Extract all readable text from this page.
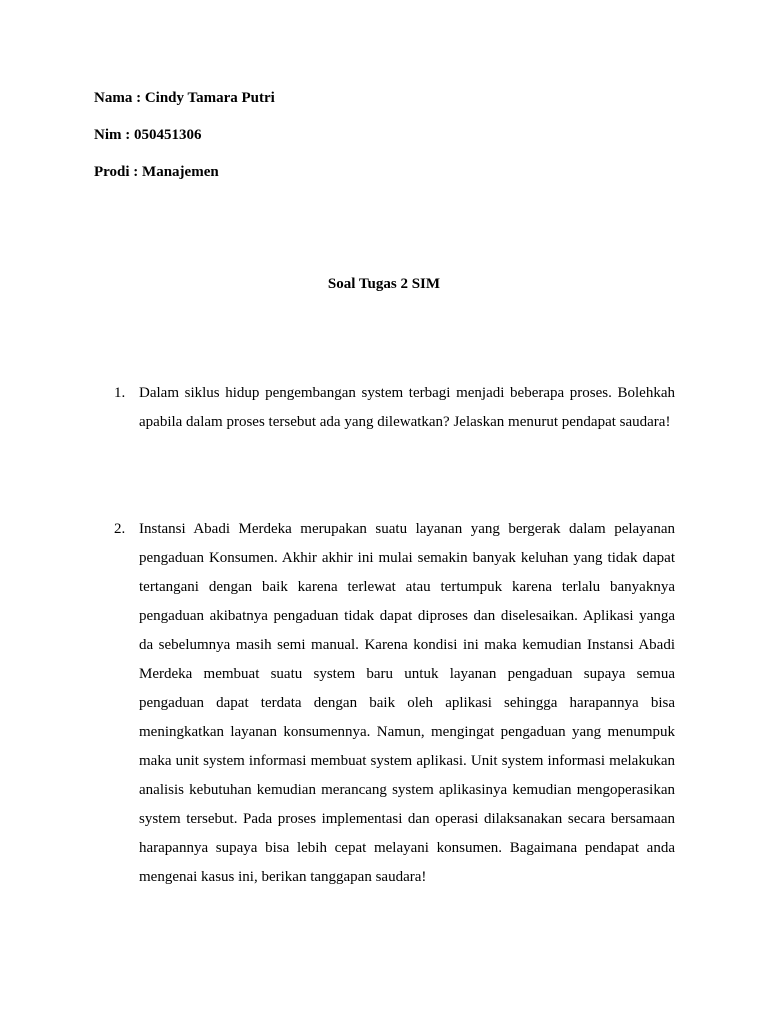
Nama : Cindy Tamara Putri
Nim : 050451306
Prodi : Manajemen
Soal Tugas 2 SIM
1. Dalam siklus hidup pengembangan system terbagi menjadi beberapa proses. Bolehkah apabila dalam proses tersebut ada yang dilewatkan? Jelaskan menurut pendapat saudara!
2. Instansi Abadi Merdeka merupakan suatu layanan yang bergerak dalam pelayanan pengaduan Konsumen. Akhir akhir ini mulai semakin banyak keluhan yang tidak dapat tertangani dengan baik karena terlewat atau tertumpuk karena terlalu banyaknya pengaduan akibatnya pengaduan tidak dapat diproses dan diselesaikan. Aplikasi yanga da sebelumnya masih semi manual. Karena kondisi ini maka kemudian Instansi Abadi Merdeka membuat suatu system baru untuk layanan pengaduan supaya semua pengaduan dapat terdata dengan baik oleh aplikasi sehingga harapannya bisa meningkatkan layanan konsumennya. Namun, mengingat pengaduan yang menumpuk maka unit system informasi membuat system aplikasi. Unit system informasi melakukan analisis kebutuhan kemudian merancang system aplikasinya kemudian mengoperasikan system tersebut. Pada proses implementasi dan operasi dilaksanakan secara bersamaan harapannya supaya bisa lebih cepat melayani konsumen. Bagaimana pendapat anda mengenai kasus ini, berikan tanggapan saudara!
